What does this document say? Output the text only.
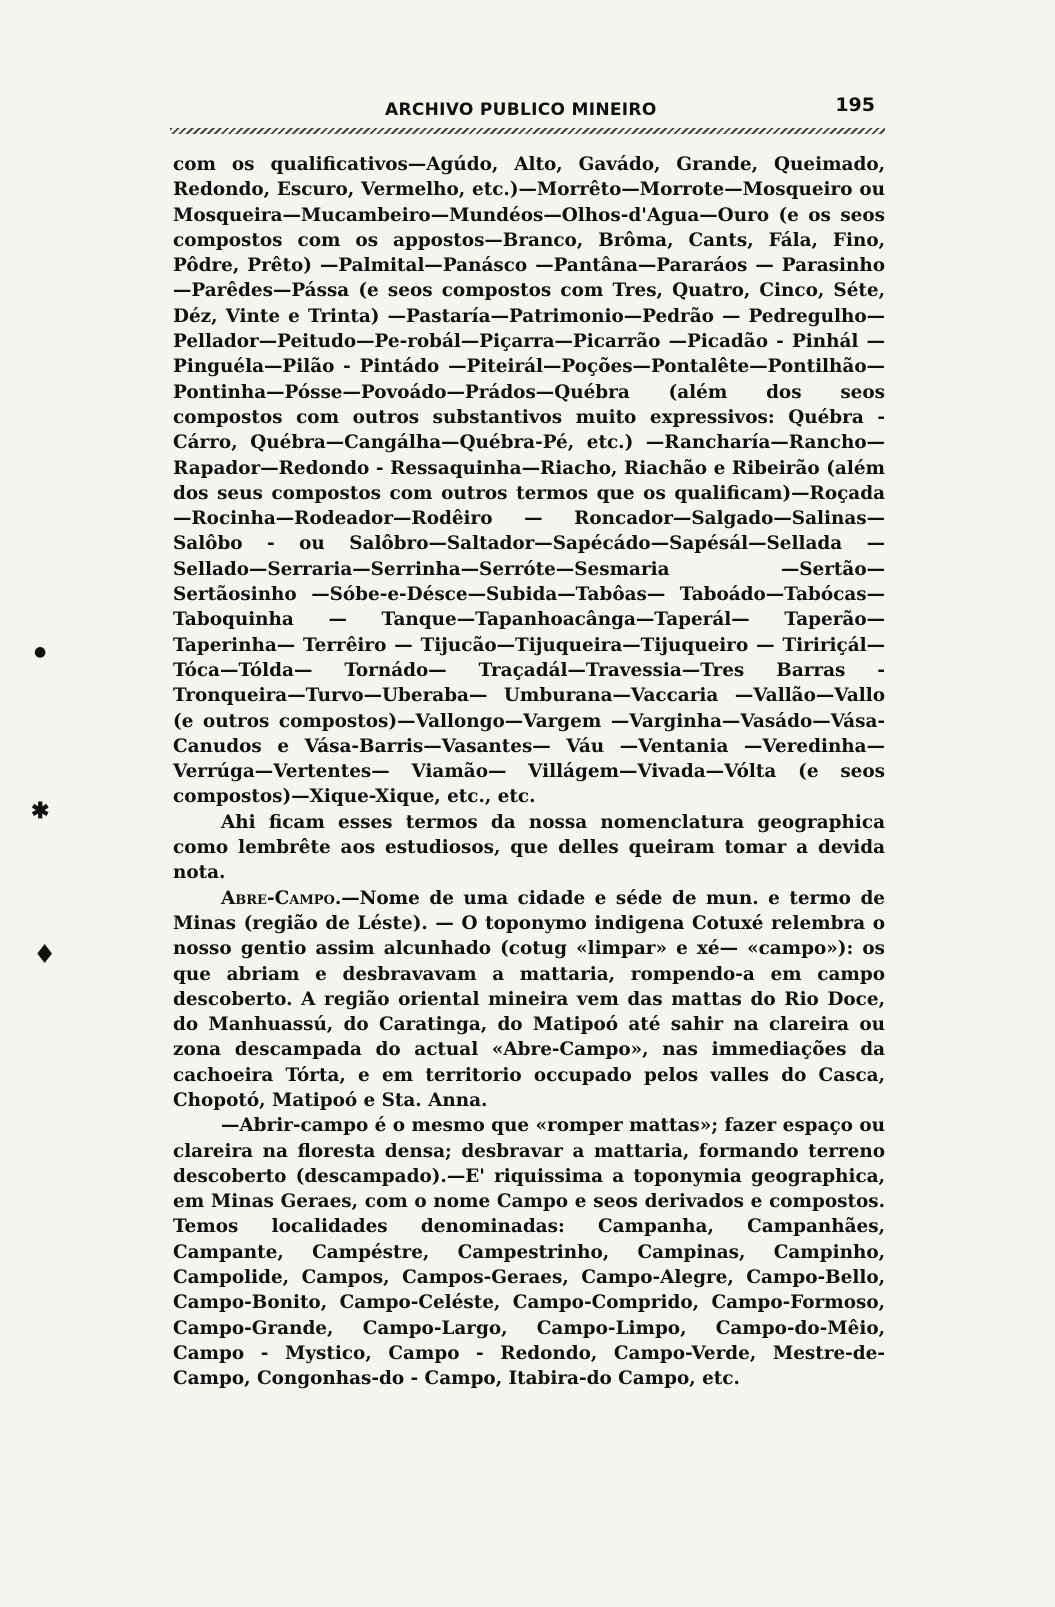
ARCHIVO PUBLICO MINEIRO	195

com os qualificativos—Agúdo, Alto, Gavádo, Grande, Queimado, Redondo, Escuro, Vermelho, etc.)—Morrêto—Morrote—Mosqueiro ou Mosqueira—Mucambeiro—Mundéos—Olhos-d'Agua—Ouro (e os seos compostos com os appostos—Branco, Brôma, Cants, Fála, Fino, Pôdre, Prêto) —Palmital—Panásco —Pantâna—Pararáos — Parasinho—Parêdes—Pássa (e seos compostos com Tres, Quatro, Cinco, Séte, Déz, Vinte e Trinta) —Pastaría—Patrimonio—Pedrão — Pedregulho—Pellador—Peitudo—Pe-robál—Piçarra—Picarrão —Picadão - Pinhál — Pinguéla—Pilão - Pintádo —Piteirál—Poções—Pontalête—Pontilhão—Pontinha—Pósse—Povoádo—Prádos—Québra (além dos seos compostos com outros substantivos muito expressivos: Québra - Cárro, Québra—Cangálha—Québra-Pé, etc.) —Rancharía—Rancho—Rapador—Redondo - Ressaquinha—Riacho, Riachão e Ribeirão (além dos seus compostos com outros termos que os qualificam)—Roçada—Rocinha—Rodeador—Rodêiro — Roncador—Salgado—Salinas—Salôbo - ou Salôbro—Saltador—Sapécádo—Sapésál—Sellada —Sellado—Serraria—Serrinha—Serróte—Sesmaria —Sertão—Sertãosinho —Sóbe-e-Désce—Subida—Tabôas— Taboádo—Tabócas— Taboquinha — Tanque—Tapanhoacânga—Taperál— Taperão— Taperinha— Terrêiro — Tijucão—Tijuqueira—Tijuqueiro — Tiririçál— Tóca—Tólda— Tornádo— Traçadál—Travessia—Tres Barras - Tronqueira—Turvo—Uberaba— Umburana—Vaccaria —Vallão—Vallo (e outros compostos)—Vallongo—Vargem —Varginha—Vasádo—Vása-Canudos e Vása-Barris—Vasantes— Váu —Ventania —Veredinha—Verrúga—Vertentes— Viamão— Villágem—Vivada—Vólta (e seos compostos)—Xique-Xique, etc., etc.

Ahi ficam esses termos da nossa nomenclatura geographica como lembrête aos estudiosos, que delles queiram tomar a devida nota.

Abre-Campo.—Nome de uma cidade e séde de mun. e termo de Minas (região de Léste). — O toponymo indigena Cotuxé relembra o nosso gentio assim alcunhado (cotug «limpar» e xé— «campo»): os que abriam e desbravavam a mattaria, rompendo-a em campo descoberto. A região oriental mineira vem das mattas do Rio Doce, do Manhuassú, do Caratinga, do Matipoó até sahir na clareira ou zona descampada do actual «Abre-Campo», nas immediações da cachoeira Tórta, e em territorio occupado pelos valles do Casca, Chopotó, Matipoó e Sta. Anna.

—Abrir-campo é o mesmo que «romper mattas»; fazer espaço ou clareira na floresta densa; desbravar a mattaria, formando terreno descoberto (descampado).—E' riquissima a toponymia geographica, em Minas Geraes, com o nome Campo e seos derivados e compostos. Temos localidades denominadas: Campanha, Campanhães, Campante, Campéstre, Campestrinho, Campinas, Campinho, Campolide, Campos, Campos-Geraes, Campo-Alegre, Campo-Bello, Campo-Bonito, Campo-Celéste, Campo-Comprido, Campo-Formoso, Campo-Grande, Campo-Largo, Campo-Limpo, Campo-do-Mêio, Campo - Mystico, Campo - Redondo, Campo-Verde, Mestre-de-Campo, Congonhas-do - Campo, Itabira-do Campo, etc.

●
✱
♦
